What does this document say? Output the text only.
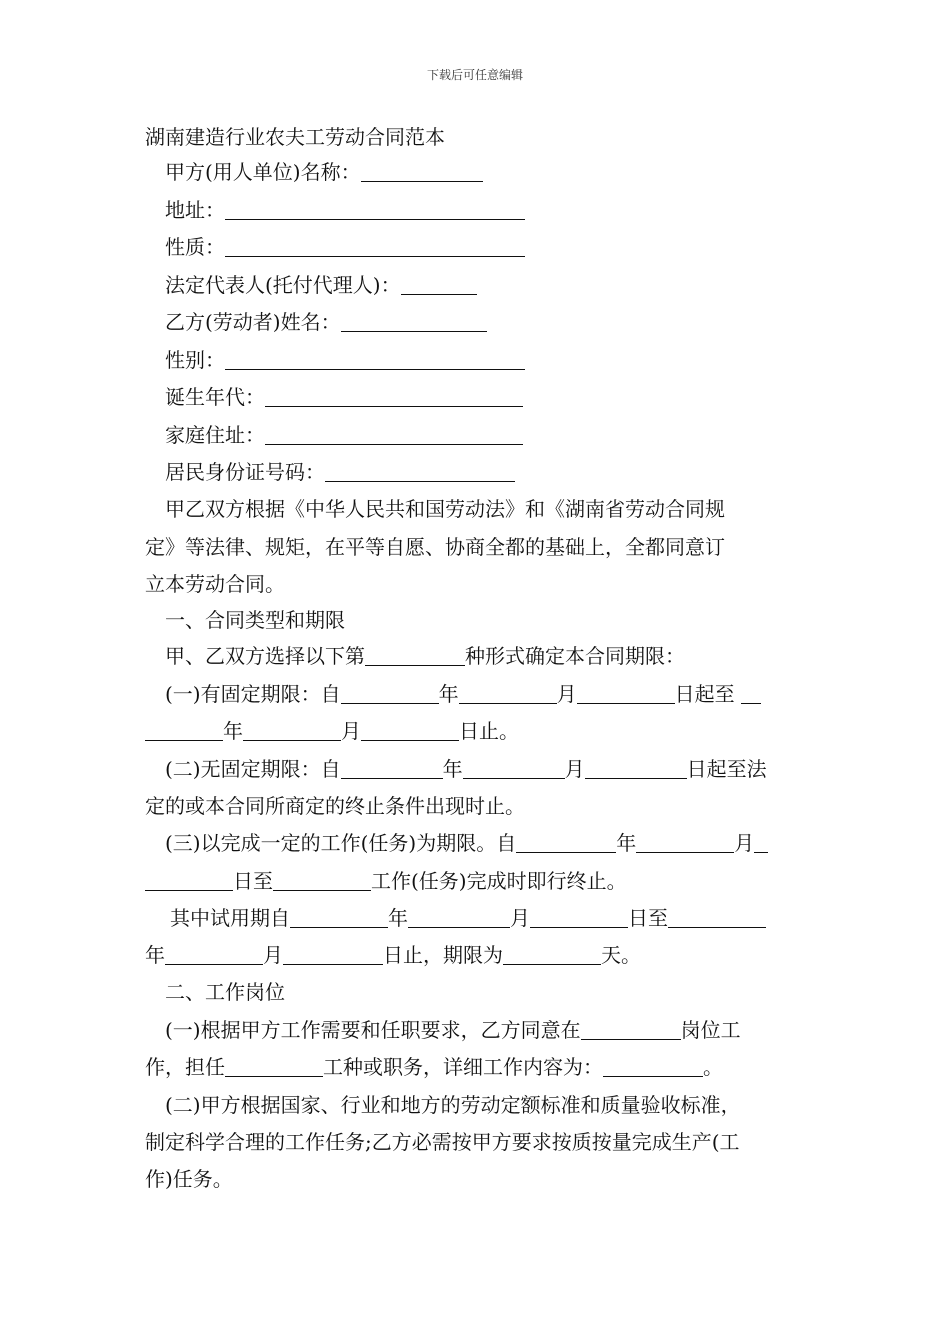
下载后可任意编辑
湖南建造行业农夫工劳动合同范本
甲方(用人单位)名称：
地址：
性质：
法定代表人(托付代理人)：
乙方(劳动者)姓名：
性别：
诞生年代：
家庭住址：
居民身份证号码：
甲乙双方根据《中华人民共和国劳动法》和《湖南省劳动合同规
定》等法律、规矩，在平等自愿、协商全都的基础上，全都同意订
立本劳动合同。
一、合同类型和期限
甲、乙双方选择以下第	种形式确定本合同期限：
(一)有固定期限：自	年	月	日起至
年	月	日止。
(二)无固定期限：自	年	月	日起至法
定的或本合同所商定的终止条件出现时止。
(三)以完成一定的工作(任务)为期限。自	年	月
日至	工作(任务)完成时即行终止。
其中试用期自	年	月	日至
年	月	日止，期限为	天。
二、工作岗位
(一)根据甲方工作需要和任职要求，乙方同意在	岗位工
作，担任	工种或职务，详细工作内容为：	。
(二)甲方根据国家、行业和地方的劳动定额标准和质量验收标准，
制定科学合理的工作任务;乙方必需按甲方要求按质按量完成生产(工
作)任务。
